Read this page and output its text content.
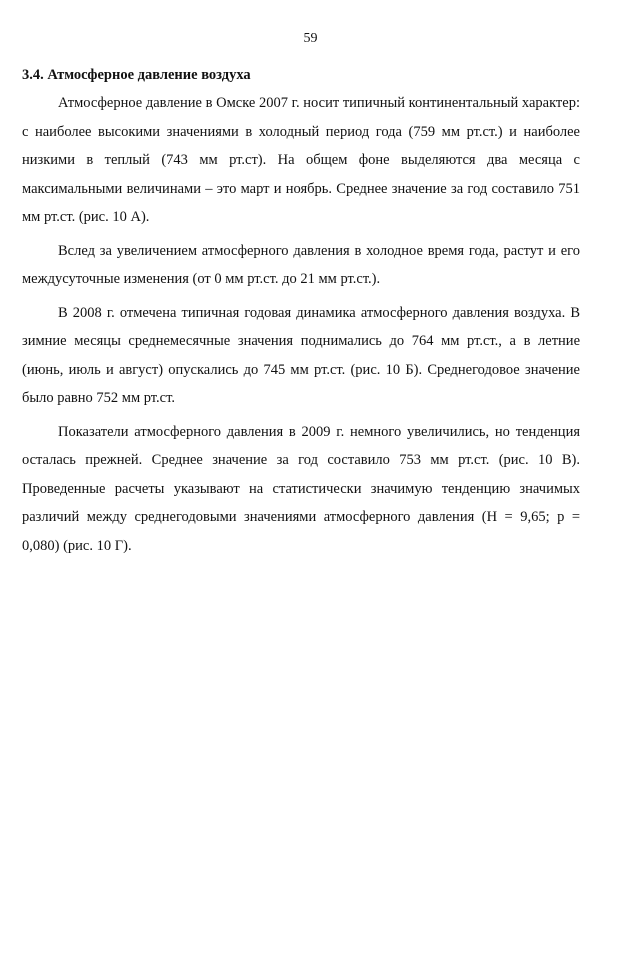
59

3.4. Атмосферное давление воздуха

Атмосферное давление в Омске 2007 г. носит типичный континентальный характер: с наиболее высокими значениями в холодный период года (759 мм рт.ст.) и наиболее низкими в теплый (743 мм рт.ст). На общем фоне выделяются два месяца с максимальными величинами – это март и ноябрь. Среднее значение за год составило 751 мм рт.ст. (рис. 10 А).

Вслед за увеличением атмосферного давления в холодное время года, растут и его междусуточные изменения (от 0 мм рт.ст. до 21 мм рт.ст.).

В 2008 г. отмечена типичная годовая динамика атмосферного давления воздуха. В зимние месяцы среднемесячные значения поднимались до 764 мм рт.ст., а в летние (июнь, июль и август) опускались до 745 мм рт.ст. (рис. 10 Б). Среднегодовое значение было равно 752 мм рт.ст.

Показатели атмосферного давления в 2009 г. немного увеличились, но тенденция осталась прежней. Среднее значение за год составило 753 мм рт.ст. (рис. 10 В). Проведенные расчеты указывают на статистически значимую тенденцию значимых различий между среднегодовыми значениями атмосферного давления (H = 9,65; p = 0,080) (рис. 10 Г).
